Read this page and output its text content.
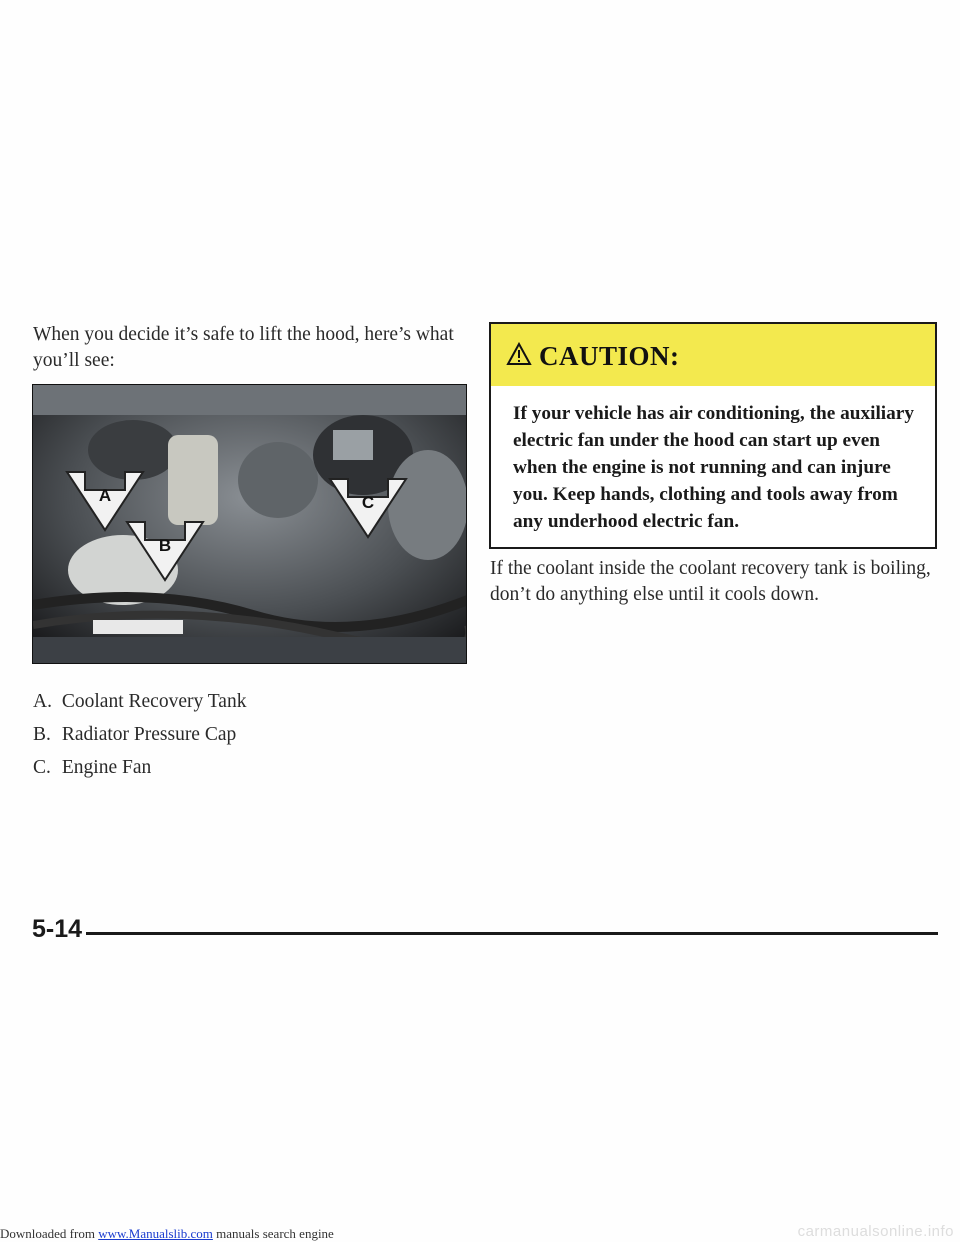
When you decide it’s safe to lift the hood, here’s what you’ll see:

A
B
C
A. Coolant Recovery Tank
B. Radiator Pressure Cap
C. Engine Fan
CAUTION:

If your vehicle has air conditioning, the auxiliary electric fan under the hood can start up even when the engine is not running and can injure you. Keep hands, clothing and tools away from any underhood electric fan.

If the coolant inside the coolant recovery tank is boiling, don’t do anything else until it cools down.

5-14
Downloaded from www.Manualslib.com manuals search engine	carmanualsonline.info
